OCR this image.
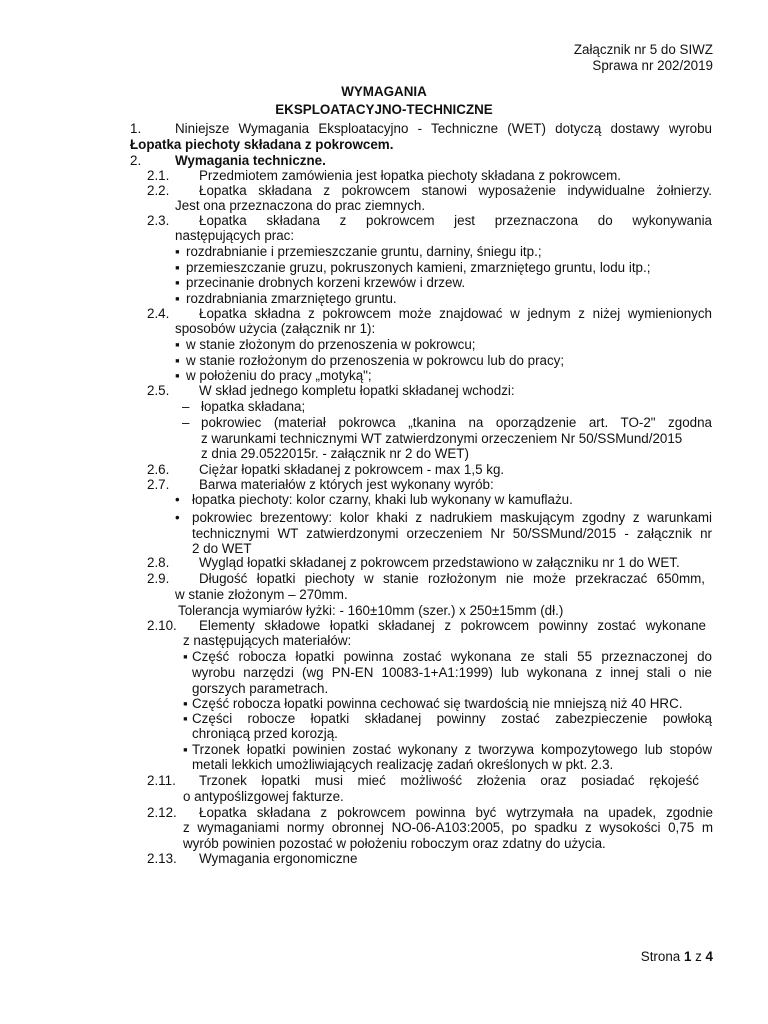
Załącznik nr 5 do SIWZ
Sprawa nr 202/2019
WYMAGANIA
EKSPLOATACYJNO-TECHNICZNE
1.	Niniejsze Wymagania Eksploatacyjno - Techniczne (WET) dotyczą dostawy wyrobu
Łopatka piechoty składana z pokrowcem.
2.	Wymagania techniczne.
2.1. Przedmiotem zamówienia jest łopatka piechoty składana z pokrowcem.
2.2. Łopatka składana z pokrowcem stanowi wyposażenie indywidualne żołnierzy.
Jest ona przeznaczona do prac ziemnych.
2.3. Łopatka składana z pokrowcem jest przeznaczona do wykonywania
następujących prac:
▪ rozdrabnianie i przemieszczanie gruntu, darniny, śniegu itp.;
▪ przemieszczanie gruzu, pokruszonych kamieni, zmarzniętego gruntu, lodu itp.;
▪ przecinanie drobnych korzeni krzewów i drzew.
▪ rozdrabniania zmarzniętego gruntu.
2.4. Łopatka składna z pokrowcem może znajdować w jednym z niżej wymienionych
sposobów użycia (załącznik nr 1):
▪ w stanie złożonym do przenoszenia w pokrowcu;
▪ w stanie rozłożonym do przenoszenia w pokrowcu lub do pracy;
▪ w położeniu do pracy „motyką";
2.5. W skład jednego kompletu łopatki składanej wchodzi:
– łopatka składana;
– pokrowiec (materiał pokrowca „tkanina na oporządzenie art. TO-2" zgodna
z warunkami technicznymi WT zatwierdzonymi orzeczeniem Nr 50/SSMund/2015
z dnia 29.0522015r. - załącznik nr 2 do WET)
2.6. Ciężar łopatki składanej z pokrowcem - max 1,5 kg.
2.7. Barwa materiałów z których jest wykonany wyrób:
• łopatka piechoty: kolor czarny, khaki lub wykonany w kamuflażu.
• pokrowiec brezentowy: kolor khaki z nadrukiem maskującym zgodny z warunkami
technicznymi WT zatwierdzonymi orzeczeniem Nr 50/SSMund/2015 - załącznik nr
2 do WET
2.8. Wygląd łopatki składanej z pokrowcem przedstawiono w załączniku nr 1 do WET.
2.9. Długość łopatki piechoty w stanie rozłożonym nie może przekraczać 650mm,
w stanie złożonym – 270mm.
Tolerancja wymiarów łyżki: - 160±10mm (szer.) x 250±15mm (dł.)
2.10. Elementy składowe łopatki składanej z pokrowcem powinny zostać wykonane
z następujących materiałów:
▪ Część robocza łopatki powinna zostać wykonana ze stali 55 przeznaczonej do
wyrobu narzędzi (wg PN-EN 10083-1+A1:1999) lub wykonana z innej stali o nie
gorszych parametrach.
▪ Część robocza łopatki powinna cechować się twardością nie mniejszą niż 40 HRC.
▪ Części robocze łopatki składanej powinny zostać zabezpieczenie powłoką
chroniącą przed korozją.
▪ Trzonek łopatki powinien zostać wykonany z tworzywa kompozytowego lub stopów
metali lekkich umożliwiających realizację zadań określonych w pkt. 2.3.
2.11. Trzonek łopatki musi mieć możliwość złożenia oraz posiadać rękojeść
o antypoślizgowej fakturze.
2.12. Łopatka składana z pokrowcem powinna być wytrzymała na upadek, zgodnie
z wymaganiami normy obronnej NO-06-A103:2005, po spadku z wysokości 0,75 m
wyrób powinien pozostać w położeniu roboczym oraz zdatny do użycia.
2.13. Wymagania ergonomiczne
Strona 1 z 4
